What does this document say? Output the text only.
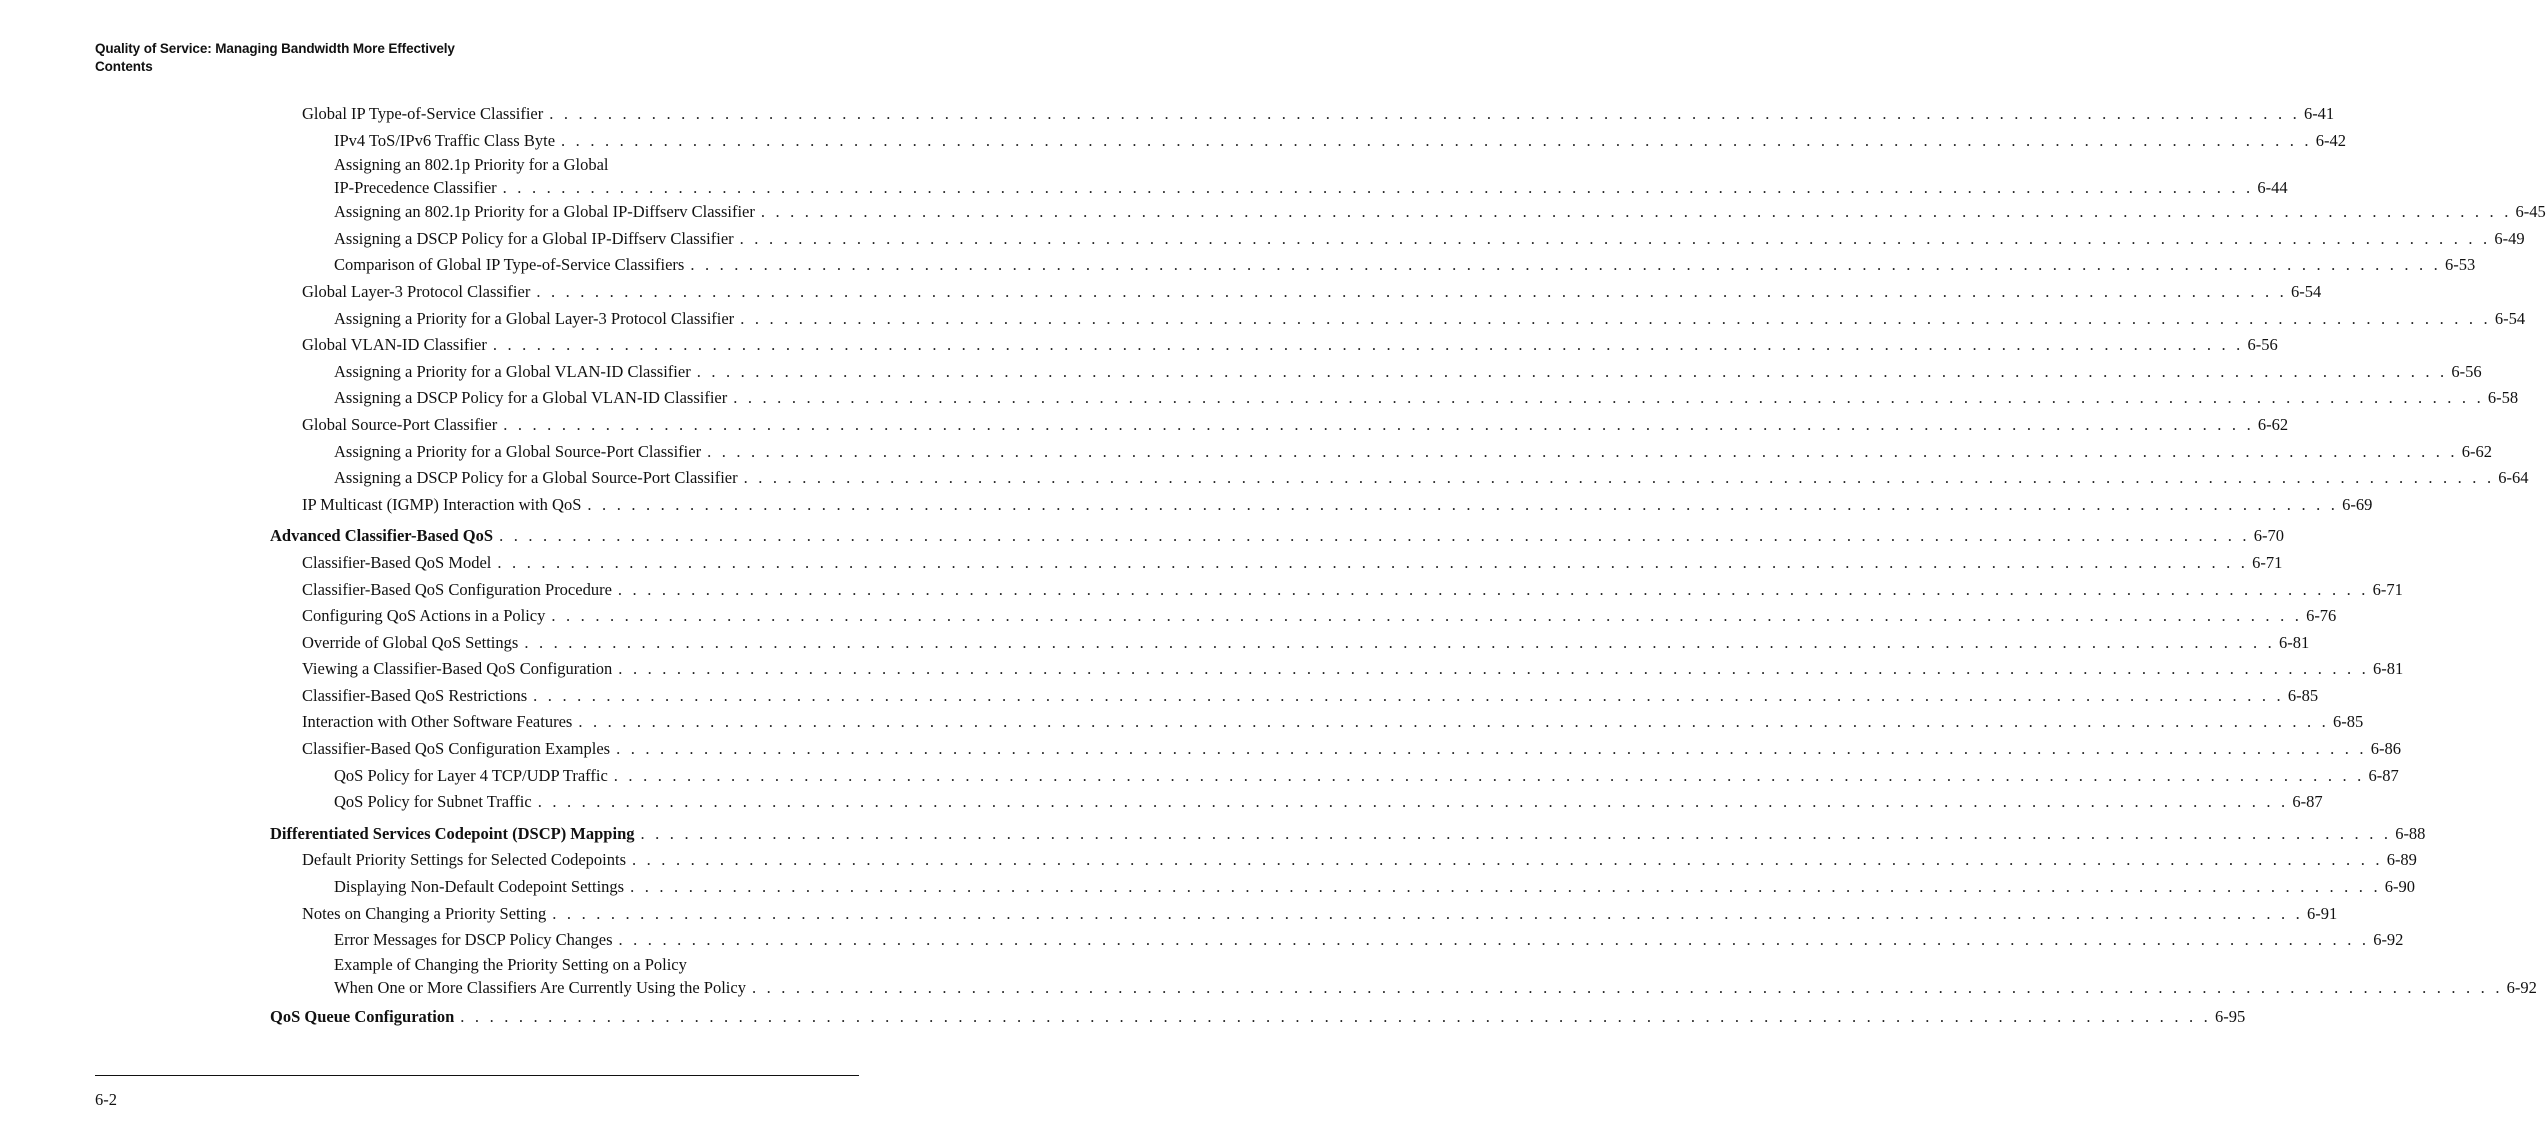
Quality of Service: Managing Bandwidth More Effectively
Contents
Global IP Type-of-Service Classifier . . . . . . . . . . . . . . . . . . . . . . . . . . . . . . . . . . . . . . . . . . . . . . . . . . . . . . . . . . . . . . . . . . . . . . . . . . . . . . . . . . . . . . . . . . . . . . . . . . . . . . . . . . . . . . . . . . . . . . . . 6-41
IPv4 ToS/IPv6 Traffic Class Byte . . . . . . . . . . . . . . . . . . . . . . . . . . . . . . . . . . . . . . . . . . . . . . . . . . . . . . . . . . . . . . . . . . . . . . . . . . . . . . . . . . . . . . . . . . . . . . . . . . . . . . . . . . . . . . . . . . . . . . . . 6-42
Assigning an 802.1p Priority for a Global
IP-Precedence Classifier . . . . . . . . . . . . . . . . . . . . . . . . . . . . . . . . . . . . . . . . . . . . . . . . . . . . . . . . . . . . . . . . . . . . . . . . . . . . . . . . . . . . . . . . . . . . . . . . . . . . . . . . . . . . . . . . . . . . . . . . 6-44
Assigning an 802.1p Priority for a Global IP-Diffserv Classifier . . . . . . . . . . . . . . . . . . . . . . . . . . . . . . . . . . . . . . . . . . . . . . . . . . . . . . . . . . . . . . . . . . . . . . . . . . . . . . . . . . . . . . . . . . . . . . . . . . . . . . . . . . . . . . . . . . . . . . . . 6-45
Assigning a DSCP Policy for a Global IP-Diffserv Classifier . . . . . . . . . . . . . . . . . . . . . . . . . . . . . . . . . . . . . . . . . . . . . . . . . . . . . . . . . . . . . . . . . . . . . . . . . . . . . . . . . . . . . . . . . . . . . . . . . . . . . . . . . . . . . . . . . . . . . . . . 6-49
Comparison of Global IP Type-of-Service Classifiers . . . . . . . . . . . . . . . . . . . . . . . . . . . . . . . . . . . . . . . . . . . . . . . . . . . . . . . . . . . . . . . . . . . . . . . . . . . . . . . . . . . . . . . . . . . . . . . . . . . . . . . . . . . . . . . . . . . . . . . . 6-53
Global Layer-3 Protocol Classifier . . . . . . . . . . . . . . . . . . . . . . . . . . . . . . . . . . . . . . . . . . . . . . . . . . . . . . . . . . . . . . . . . . . . . . . . . . . . . . . . . . . . . . . . . . . . . . . . . . . . . . . . . . . . . . . . . . . . . . . . 6-54
Assigning a Priority for a Global Layer-3 Protocol Classifier . . . . . . . . . . . . . . . . . . . . . . . . . . . . . . . . . . . . . . . . . . . . . . . . . . . . . . . . . . . . . . . . . . . . . . . . . . . . . . . . . . . . . . . . . . . . . . . . . . . . . . . . . . . . . . . . . . . . . . . . 6-54
Global VLAN-ID Classifier . . . . . . . . . . . . . . . . . . . . . . . . . . . . . . . . . . . . . . . . . . . . . . . . . . . . . . . . . . . . . . . . . . . . . . . . . . . . . . . . . . . . . . . . . . . . . . . . . . . . . . . . . . . . . . . . . . . . . . . . 6-56
Assigning a Priority for a Global VLAN-ID Classifier . . . . . . . . . . . . . . . . . . . . . . . . . . . . . . . . . . . . . . . . . . . . . . . . . . . . . . . . . . . . . . . . . . . . . . . . . . . . . . . . . . . . . . . . . . . . . . . . . . . . . . . . . . . . . . . . . . . . . . . . 6-56
Assigning a DSCP Policy for a Global VLAN-ID Classifier . . . . . . . . . . . . . . . . . . . . . . . . . . . . . . . . . . . . . . . . . . . . . . . . . . . . . . . . . . . . . . . . . . . . . . . . . . . . . . . . . . . . . . . . . . . . . . . . . . . . . . . . . . . . . . . . . . . . . . . . 6-58
Global Source-Port Classifier . . . . . . . . . . . . . . . . . . . . . . . . . . . . . . . . . . . . . . . . . . . . . . . . . . . . . . . . . . . . . . . . . . . . . . . . . . . . . . . . . . . . . . . . . . . . . . . . . . . . . . . . . . . . . . . . . . . . . . . . 6-62
Assigning a Priority for a Global Source-Port Classifier . . . . . . . . . . . . . . . . . . . . . . . . . . . . . . . . . . . . . . . . . . . . . . . . . . . . . . . . . . . . . . . . . . . . . . . . . . . . . . . . . . . . . . . . . . . . . . . . . . . . . . . . . . . . . . . . . . . . . . . . 6-62
Assigning a DSCP Policy for a Global Source-Port Classifier . . . . . . . . . . . . . . . . . . . . . . . . . . . . . . . . . . . . . . . . . . . . . . . . . . . . . . . . . . . . . . . . . . . . . . . . . . . . . . . . . . . . . . . . . . . . . . . . . . . . . . . . . . . . . . . . . . . . . . . . 6-64
IP Multicast (IGMP) Interaction with QoS . . . . . . . . . . . . . . . . . . . . . . . . . . . . . . . . . . . . . . . . . . . . . . . . . . . . . . . . . . . . . . . . . . . . . . . . . . . . . . . . . . . . . . . . . . . . . . . . . . . . . . . . . . . . . . . . . . . . . . . . 6-69
Advanced Classifier-Based QoS . . . . . . . . . . . . . . . . . . . . . . . . . . . . . . . . . . . . . . . . . . . . . . . . . . . . . . . . . . . . . . . . . . . . . . . . . . . . . . . . . . . . . . . . . . . . . . . . . . . . . . . . . . . . . . . . . . . . . . . . 6-70
Classifier-Based QoS Model . . . . . . . . . . . . . . . . . . . . . . . . . . . . . . . . . . . . . . . . . . . . . . . . . . . . . . . . . . . . . . . . . . . . . . . . . . . . . . . . . . . . . . . . . . . . . . . . . . . . . . . . . . . . . . . . . . . . . . . . 6-71
Classifier-Based QoS Configuration Procedure . . . . . . . . . . . . . . . . . . . . . . . . . . . . . . . . . . . . . . . . . . . . . . . . . . . . . . . . . . . . . . . . . . . . . . . . . . . . . . . . . . . . . . . . . . . . . . . . . . . . . . . . . . . . . . . . . . . . . . . . 6-71
Configuring QoS Actions in a Policy . . . . . . . . . . . . . . . . . . . . . . . . . . . . . . . . . . . . . . . . . . . . . . . . . . . . . . . . . . . . . . . . . . . . . . . . . . . . . . . . . . . . . . . . . . . . . . . . . . . . . . . . . . . . . . . . . . . . . . . . 6-76
Override of Global QoS Settings . . . . . . . . . . . . . . . . . . . . . . . . . . . . . . . . . . . . . . . . . . . . . . . . . . . . . . . . . . . . . . . . . . . . . . . . . . . . . . . . . . . . . . . . . . . . . . . . . . . . . . . . . . . . . . . . . . . . . . . . 6-81
Viewing a Classifier-Based QoS Configuration . . . . . . . . . . . . . . . . . . . . . . . . . . . . . . . . . . . . . . . . . . . . . . . . . . . . . . . . . . . . . . . . . . . . . . . . . . . . . . . . . . . . . . . . . . . . . . . . . . . . . . . . . . . . . . . . . . . . . . . . 6-81
Classifier-Based QoS Restrictions . . . . . . . . . . . . . . . . . . . . . . . . . . . . . . . . . . . . . . . . . . . . . . . . . . . . . . . . . . . . . . . . . . . . . . . . . . . . . . . . . . . . . . . . . . . . . . . . . . . . . . . . . . . . . . . . . . . . . . . . 6-85
Interaction with Other Software Features . . . . . . . . . . . . . . . . . . . . . . . . . . . . . . . . . . . . . . . . . . . . . . . . . . . . . . . . . . . . . . . . . . . . . . . . . . . . . . . . . . . . . . . . . . . . . . . . . . . . . . . . . . . . . . . . . . . . . . . . 6-85
Classifier-Based QoS Configuration Examples . . . . . . . . . . . . . . . . . . . . . . . . . . . . . . . . . . . . . . . . . . . . . . . . . . . . . . . . . . . . . . . . . . . . . . . . . . . . . . . . . . . . . . . . . . . . . . . . . . . . . . . . . . . . . . . . . . . . . . . . 6-86
QoS Policy for Layer 4 TCP/UDP Traffic . . . . . . . . . . . . . . . . . . . . . . . . . . . . . . . . . . . . . . . . . . . . . . . . . . . . . . . . . . . . . . . . . . . . . . . . . . . . . . . . . . . . . . . . . . . . . . . . . . . . . . . . . . . . . . . . . . . . . . . . 6-87
QoS Policy for Subnet Traffic . . . . . . . . . . . . . . . . . . . . . . . . . . . . . . . . . . . . . . . . . . . . . . . . . . . . . . . . . . . . . . . . . . . . . . . . . . . . . . . . . . . . . . . . . . . . . . . . . . . . . . . . . . . . . . . . . . . . . . . . 6-87
Differentiated Services Codepoint (DSCP) Mapping . . . . . . . . . . . . . . . . . . . . . . . . . . . . . . . . . . . . . . . . . . . . . . . . . . . . . . . . . . . . . . . . . . . . . . . . . . . . . . . . . . . . . . . . . . . . . . . . . . . . . . . . . . . . . . . . . . . . . . . . 6-88
Default Priority Settings for Selected Codepoints . . . . . . . . . . . . . . . . . . . . . . . . . . . . . . . . . . . . . . . . . . . . . . . . . . . . . . . . . . . . . . . . . . . . . . . . . . . . . . . . . . . . . . . . . . . . . . . . . . . . . . . . . . . . . . . . . . . . . . . . 6-89
Displaying Non-Default Codepoint Settings . . . . . . . . . . . . . . . . . . . . . . . . . . . . . . . . . . . . . . . . . . . . . . . . . . . . . . . . . . . . . . . . . . . . . . . . . . . . . . . . . . . . . . . . . . . . . . . . . . . . . . . . . . . . . . . . . . . . . . . . 6-90
Notes on Changing a Priority Setting . . . . . . . . . . . . . . . . . . . . . . . . . . . . . . . . . . . . . . . . . . . . . . . . . . . . . . . . . . . . . . . . . . . . . . . . . . . . . . . . . . . . . . . . . . . . . . . . . . . . . . . . . . . . . . . . . . . . . . . . 6-91
Error Messages for DSCP Policy Changes . . . . . . . . . . . . . . . . . . . . . . . . . . . . . . . . . . . . . . . . . . . . . . . . . . . . . . . . . . . . . . . . . . . . . . . . . . . . . . . . . . . . . . . . . . . . . . . . . . . . . . . . . . . . . . . . . . . . . . . . 6-92
Example of Changing the Priority Setting on a Policy
When One or More Classifiers Are Currently Using the Policy . . . . . . . . . . . . . . . . . . . . . . . . . . . . . . . . . . . . . . . . . . . . . . . . . . . . . . . . . . . . . . . . . . . . . . . . . . . . . . . . . . . . . . . . . . . . . . . . . . . . . . . . . . . . . . . . . . . . . . . . 6-92
QoS Queue Configuration . . . . . . . . . . . . . . . . . . . . . . . . . . . . . . . . . . . . . . . . . . . . . . . . . . . . . . . . . . . . . . . . . . . . . . . . . . . . . . . . . . . . . . . . . . . . . . . . . . . . . . . . . . . . . . . . . . . . . . . . 6-95
6-2
